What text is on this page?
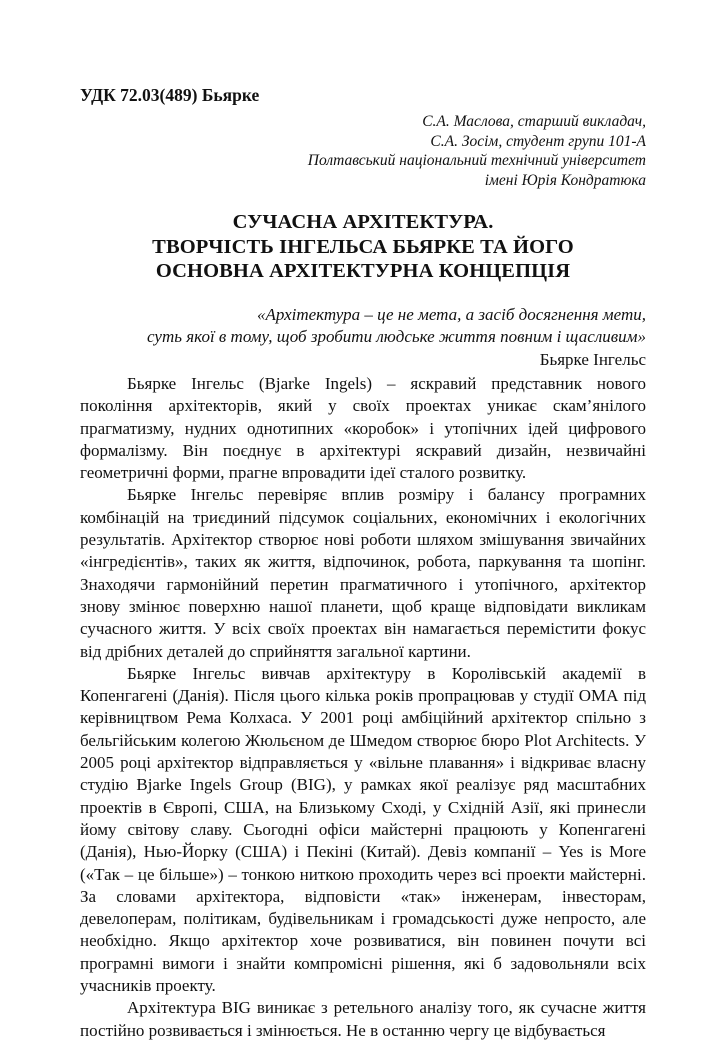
УДК 72.03(489) Бьярке

С.А. Маслова, старший викладач,
С.А. Зосім, студент групи 101-А
Полтавський національний технічний університет
імені Юрія Кондратюка
СУЧАСНА АРХІТЕКТУРА.
ТВОРЧІСТЬ ІНГЕЛЬСА БЬЯРКЕ ТА ЙОГО
ОСНОВНА АРХІТЕКТУРНА КОНЦЕПЦІЯ
«Архітектура – це не мета, а засіб досягнення мети,
суть якої в тому, щоб зробити людське життя повним і щасливим»
Бьярке Інгельс

Бьярке Інгельс (Bjarke Ingels) – яскравий представник нового покоління архітекторів, який у своїх проектах уникає скам’янілого прагматизму, нудних однотипних «коробок» і утопічних ідей цифрового формалізму. Він поєднує в архітектурі яскравий дизайн, незвичайні геометричні форми, прагне впровадити ідеї сталого розвитку.

Бьярке Інгельс перевіряє вплив розміру і балансу програмних комбінацій на триєдиний підсумок соціальних, економічних і екологічних результатів. Архітектор створює нові роботи шляхом змішування звичайних «інгредієнтів», таких як життя, відпочинок, робота, паркування та шопінг. Знаходячи гармонійний перетин прагматичного і утопічного, архітектор знову змінює поверхню нашої планети, щоб краще відповідати викликам сучасного життя. У всіх своїх проектах він намагається перемістити фокус від дрібних деталей до сприйняття загальної картини.

Бьярке Інгельс вивчав архітектуру в Королівській академії в Копенгагені (Данія). Після цього кілька років пропрацював у студії ОМА під керівництвом Рема Колхаса. У 2001 році амбіційний архітектор спільно з бельгійським колегою Жюльєном де Шмедом створює бюро Plot Architects. У 2005 році архітектор відправляється у «вільне плавання» і відкриває власну студію Bjarke Ingels Group (BIG), у рамках якої реалізує ряд масштабних проектів в Європі, США, на Близькому Сході, у Східній Азії, які принесли йому світову славу. Сьогодні офіси майстерні працюють у Копенгагені (Данія), Нью-Йорку (США) і Пекіні (Китай). Девіз компанії – Yes is More («Так – це більше») – тонкою ниткою проходить через всі проекти майстерні. За словами архітектора, відповісти «так» інженерам, інвесторам, девелоперам, політикам, будівельникам і громадськості дуже непросто, але необхідно. Якщо архітектор хоче розвиватися, він повинен почути всі програмні вимоги і знайти компромісні рішення, які б задовольняли всіх учасників проекту.

Архітектура BIG виникає з ретельного аналізу того, як сучасне життя постійно розвивається і змінюється. Не в останню чергу це відбувається
